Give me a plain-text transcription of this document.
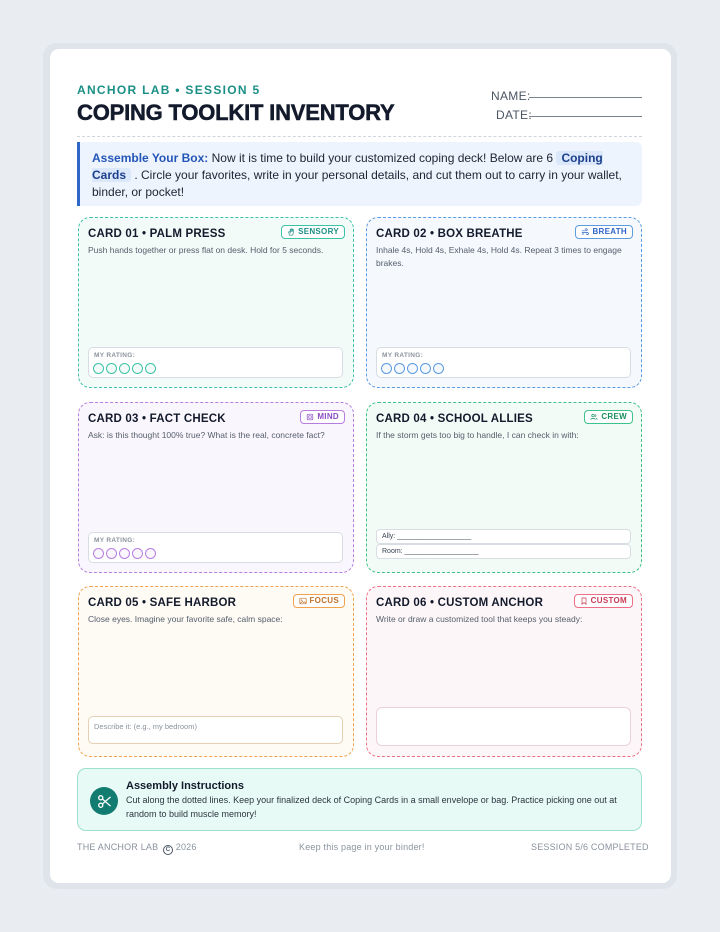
ANCHOR LAB • SESSION 5
COPING TOOLKIT INVENTORY
NAME:
DATE:
Assemble Your Box: Now it is time to build your customized coping deck! Below are 6 Coping Cards . Circle your favorites, write in your personal details, and cut them out to carry in your wallet, binder, or pocket!
CARD 01 • PALM PRESS	SENSORY
Push hands together or press flat on desk. Hold for 5 seconds.
MY RATING:
CARD 02 • BOX BREATHE	BREATH
Inhale 4s, Hold 4s, Exhale 4s, Hold 4s. Repeat 3 times to engage brakes.
MY RATING:
CARD 03 • FACT CHECK	MIND
Ask: is this thought 100% true? What is the real, concrete fact?
MY RATING:
CARD 04 • SCHOOL ALLIES	CREW
If the storm gets too big to handle, I can check in with:
Ally: ___________________
Room: ___________________
CARD 05 • SAFE HARBOR	FOCUS
Close eyes. Imagine your favorite safe, calm space:
Describe it: (e.g., my bedroom)
CARD 06 • CUSTOM ANCHOR	CUSTOM
Write or draw a customized tool that keeps you steady:
Assembly Instructions
Cut along the dotted lines. Keep your finalized deck of Coping Cards in a small envelope or bag. Practice picking one out at random to build muscle memory!
THE ANCHOR LAB C 2026	Keep this page in your binder!	SESSION 5/6 COMPLETED
